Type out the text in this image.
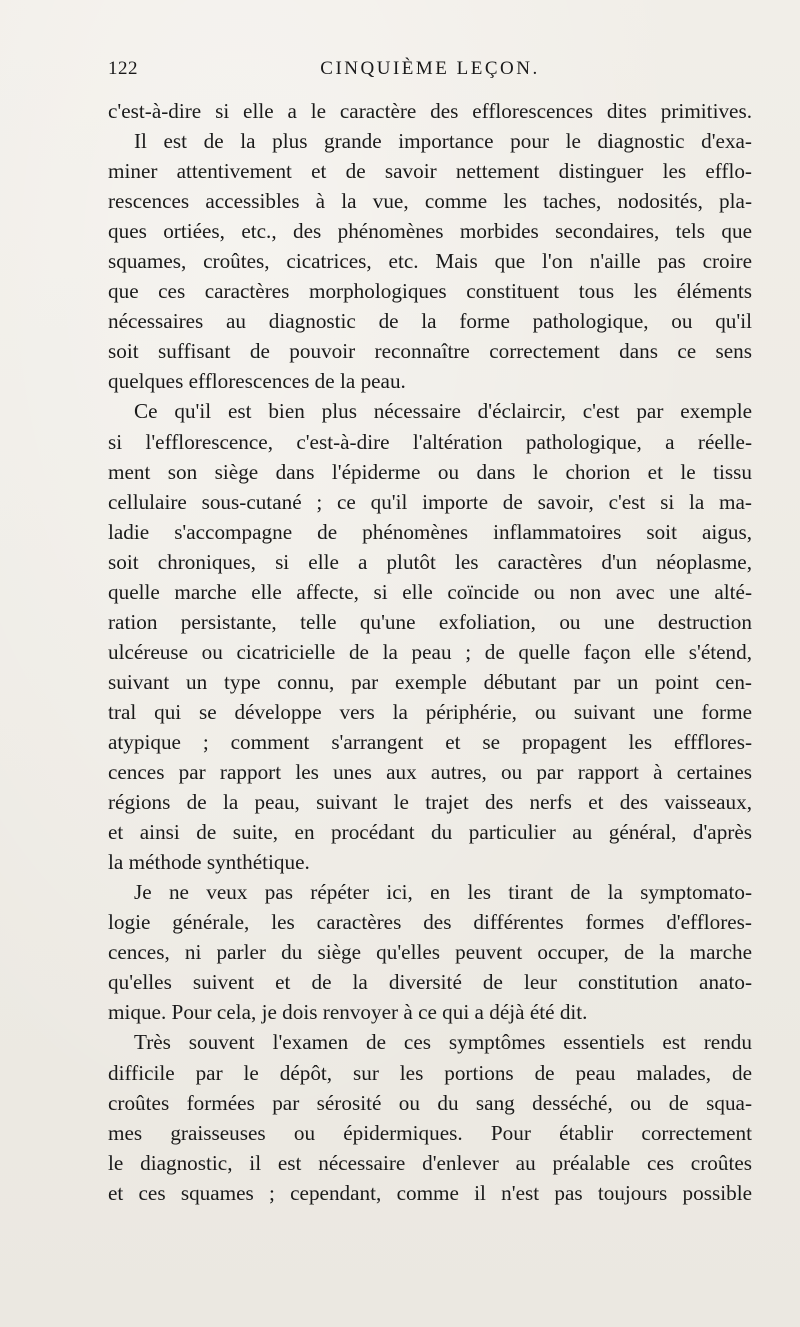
122	CINQUIÈME LEÇON.
c'est-à-dire si elle a le caractère des efflorescences dites primitives.
Il est de la plus grande importance pour le diagnostic d'exa-
miner attentivement et de savoir nettement distinguer les efflo-
rescences accessibles à la vue, comme les taches, nodosités, pla-
ques ortiées, etc., des phénomènes morbides secondaires, tels que
squames, croûtes, cicatrices, etc. Mais que l'on n'aille pas croire
que ces caractères morphologiques constituent tous les éléments
nécessaires au diagnostic de la forme pathologique, ou qu'il
soit suffisant de pouvoir reconnaître correctement dans ce sens
quelques efflorescences de la peau.
Ce qu'il est bien plus nécessaire d'éclaircir, c'est par exemple
si l'efflorescence, c'est-à-dire l'altération pathologique, a réelle-
ment son siège dans l'épiderme ou dans le chorion et le tissu
cellulaire sous-cutané ; ce qu'il importe de savoir, c'est si la ma-
ladie s'accompagne de phénomènes inflammatoires soit aigus,
soit chroniques, si elle a plutôt les caractères d'un néoplasme,
quelle marche elle affecte, si elle coïncide ou non avec une alté-
ration persistante, telle qu'une exfoliation, ou une destruction
ulcéreuse ou cicatricielle de la peau ; de quelle façon elle s'étend,
suivant un type connu, par exemple débutant par un point cen-
tral qui se développe vers la périphérie, ou suivant une forme
atypique ; comment s'arrangent et se propagent les effflores-
cences par rapport les unes aux autres, ou par rapport à certaines
régions de la peau, suivant le trajet des nerfs et des vaisseaux,
et ainsi de suite, en procédant du particulier au général, d'après
la méthode synthétique.
Je ne veux pas répéter ici, en les tirant de la symptomato-
logie générale, les caractères des différentes formes d'efflores-
cences, ni parler du siège qu'elles peuvent occuper, de la marche
qu'elles suivent et de la diversité de leur constitution anato-
mique. Pour cela, je dois renvoyer à ce qui a déjà été dit.
Très souvent l'examen de ces symptômes essentiels est rendu
difficile par le dépôt, sur les portions de peau malades, de
croûtes formées par sérosité ou du sang desséché, ou de squa-
mes graisseuses ou épidermiques. Pour établir correctement
le diagnostic, il est nécessaire d'enlever au préalable ces croûtes
et ces squames ; cependant, comme il n'est pas toujours possible
